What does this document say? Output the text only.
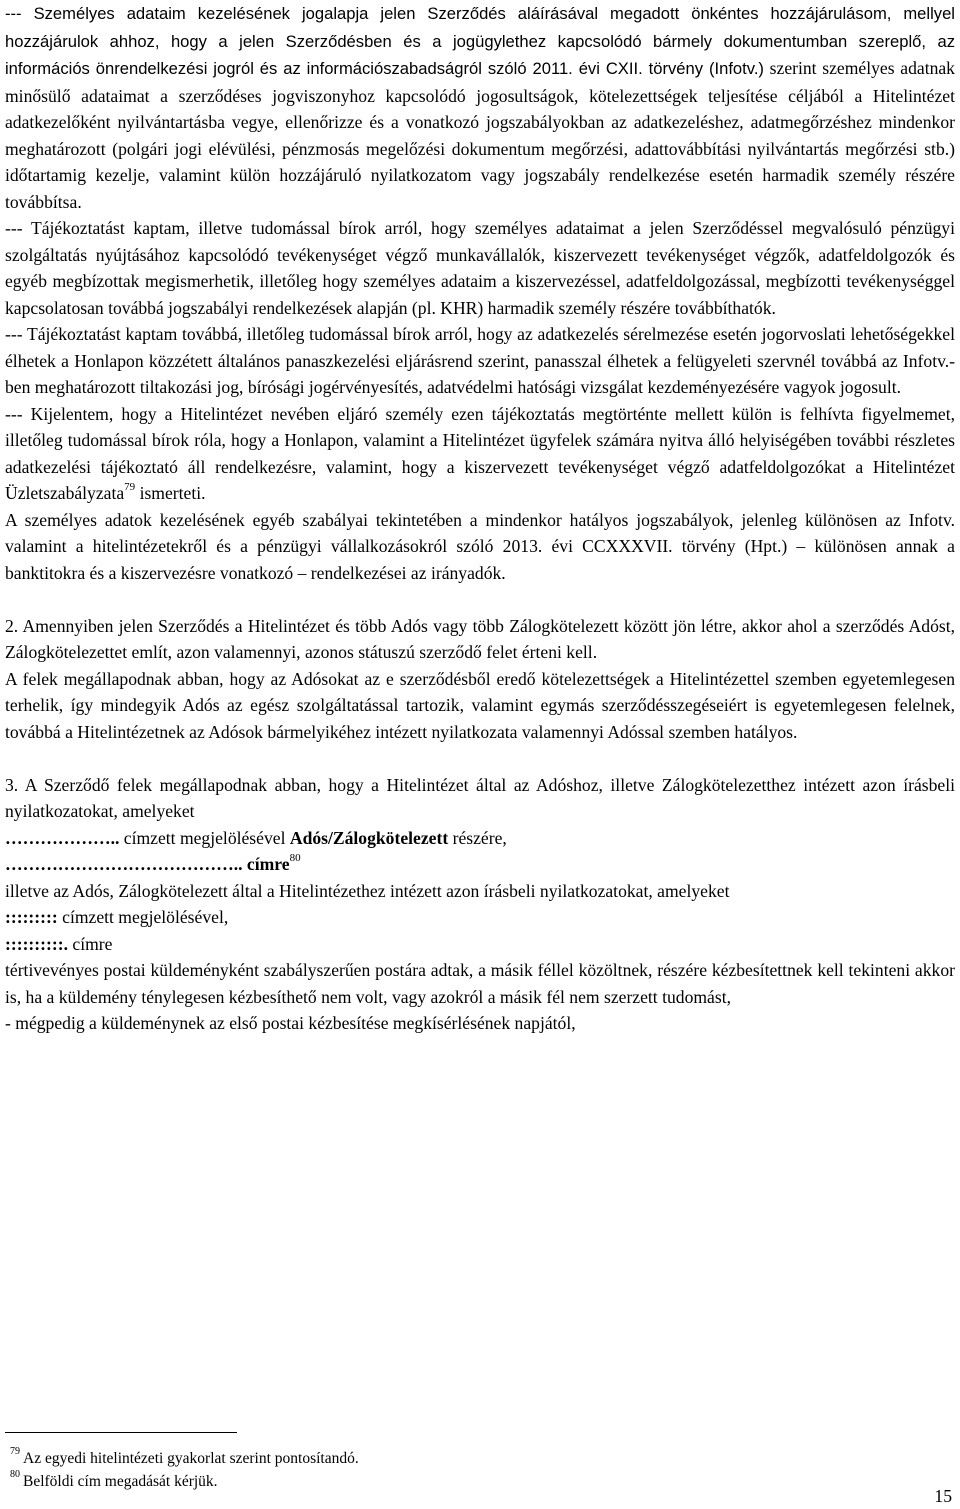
--- Személyes adataim kezelésének jogalapja jelen Szerződés aláírásával megadott önkéntes hozzájárulásom, mellyel hozzájárulok ahhoz, hogy a jelen Szerződésben és a jogügylethez kapcsolódó bármely dokumentumban szereplő, az információs önrendelkezési jogról és az információszabadságról szóló 2011. évi CXII. törvény (Infotv.) szerint személyes adatnak minősülő adataimat a szerződéses jogviszonyhoz kapcsolódó jogosultságok, kötelezettségek teljesítése céljából a Hitelintézet adatkezelőként nyilvántartásba vegye, ellenőrizze és a vonatkozó jogszabályokban az adatkezeléshez, adatmegőrzéshez mindenkor meghatározott (polgári jogi elévülési, pénzmosás megelőzési dokumentum megőrzési, adattovábbítási nyilvántartás megőrzési stb.) időtartamig kezelje, valamint külön hozzájáruló nyilatkozatom vagy jogszabály rendelkezése esetén harmadik személy részére továbbítsa.

--- Tájékoztatást kaptam, illetve tudomással bírok arról, hogy személyes adataimat a jelen Szerződéssel megvalósuló pénzügyi szolgáltatás nyújtásához kapcsolódó tevékenységet végző munkavállalók, kiszervezett tevékenységet végzők, adatfeldolgozók és egyéb megbízottak megismerhetik, illetőleg hogy személyes adataim a kiszervezéssel, adatfeldolgozással, megbízotti tevékenységgel kapcsolatosan továbbá jogszabályi rendelkezések alapján (pl. KHR) harmadik személy részére továbbíthatók.

--- Tájékoztatást kaptam továbbá, illetőleg tudomással bírok arról, hogy az adatkezelés sérelmezése esetén jogorvoslati lehetőségekkel élhetek a Honlapon közzétett általános panaszkezelési eljárásrend szerint, panasszal élhetek a felügyeleti szervnél továbbá az Infotv.-ben meghatározott tiltakozási jog, bírósági jogérvényesítés, adatvédelmi hatósági vizsgálat kezdeményezésére vagyok jogosult.

--- Kijelentem, hogy a Hitelintézet nevében eljáró személy ezen tájékoztatás megtörténte mellett külön is felhívta figyelmemet, illetőleg tudomással bírok róla, hogy a Honlapon, valamint a Hitelintézet ügyfelek számára nyitva álló helyiségében további részletes adatkezelési tájékoztató áll rendelkezésre, valamint, hogy a kiszervezett tevékenységet végző adatfeldolgozókat a Hitelintézet Üzletszabályzata$^{79}$ ismerteti.

A személyes adatok kezelésének egyéb szabályai tekintetében a mindenkor hatályos jogszabályok, jelenleg különösen az Infotv. valamint a hitelintézetekről és a pénzügyi vállalkozásokról szóló 2013. évi CCXXXVII. törvény (Hpt.) – különösen annak a banktitokra és a kiszervezésre vonatkozó – rendelkezései az irányadók.

2. Amennyiben jelen Szerződés a Hitelintézet és több Adós vagy több Zálogkötelezett között jön létre, akkor ahol a szerződés Adóst, Zálogkötelezettet említ, azon valamennyi, azonos státuszú szerződő felet érteni kell.

A felek megállapodnak abban, hogy az Adósokat az e szerződésből eredő kötelezettségek a Hitelintézettel szemben egyetemlegesen terhelik, így mindegyik Adós az egész szolgáltatással tartozik, valamint egymás szerződésszegéseiért is egyetemlegesen felelnek, továbbá a Hitelintézetnek az Adósok bármelyikéhez intézett nyilatkozata valamennyi Adóssal szemben hatályos.

3. A Szerződő felek megállapodnak abban, hogy a Hitelintézet által az Adóshoz, illetve Zálogkötelezetthez intézett azon írásbeli nyilatkozatokat, amelyeket

……………….. címzett megjelölésével Adós/Zálogkötelezett részére,

………………………………….. címre$^{80}$

illetve az Adós, Zálogkötelezett által a Hitelintézethez intézett azon írásbeli nyilatkozatokat, amelyeket

::::::::: címzett megjelölésével,

::::::::::. címre

tértivevényes postai küldeményként szabályszerűen postára adtak, a másik féllel közöltnek, részére kézbesítettnek kell tekinteni akkor is, ha a küldemény ténylegesen kézbesíthető nem volt, vagy azokról a másik fél nem szerzett tudomást,

- mégpedig a küldeménynek az első postai kézbesítése megkísérlésének napjától,

$^{79}$ Az egyedi hitelintézeti gyakorlat szerint pontosítandó.
$^{80}$ Belföldi cím megadását kérjük.
15
